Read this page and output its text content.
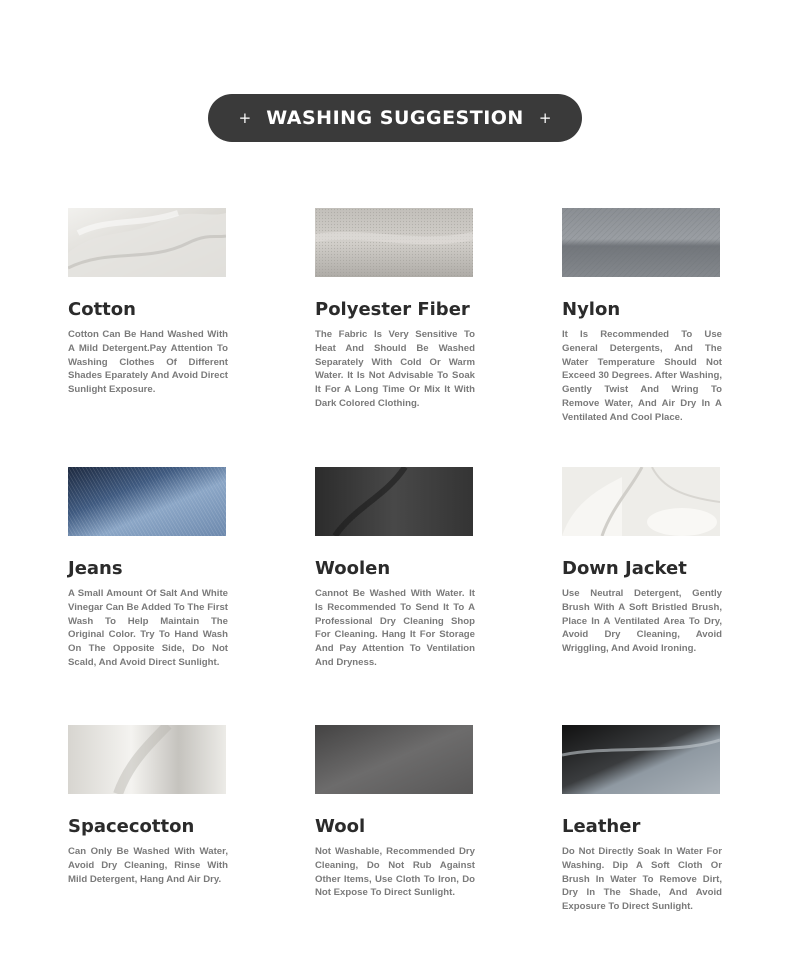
+ WASHING SUGGESTION +
Cotton
Cotton Can Be Hand Washed With A Mild Detergent.Pay Attention To Washing Clothes Of Different Shades Eparately And Avoid Direct Sunlight Exposure.
Polyester Fiber
The Fabric Is Very Sensitive To Heat And Should Be Washed Separately With Cold Or Warm Water. It Is Not Advisable To Soak It For A Long Time Or Mix It With Dark Colored Clothing.
Nylon
It Is Recommended To Use General Detergents, And The Water Temperature Should Not Exceed 30 Degrees. After Washing, Gently Twist And Wring To Remove Water, And Air Dry In A Ventilated And Cool Place.
Jeans
A Small Amount Of Salt And White Vinegar Can Be Added To The First Wash To Help Maintain The Original Color. Try To Hand Wash On The Opposite Side, Do Not Scald, And Avoid Direct Sunlight.
Woolen
Cannot Be Washed With Water. It Is Recommended To Send It To A Professional Dry Cleaning Shop For Cleaning. Hang It For Storage And Pay Attention To Ventilation And Dryness.
Down Jacket
Use Neutral Detergent, Gently Brush With A Soft Bristled Brush, Place In A Ventilated Area To Dry, Avoid Dry Cleaning, Avoid Wriggling, And Avoid Ironing.
Spacecotton
Can Only Be Washed With Water, Avoid Dry Cleaning, Rinse With Mild Detergent, Hang And Air Dry.
Wool
Not Washable, Recommended Dry Cleaning, Do Not Rub Against Other Items, Use Cloth To Iron, Do Not Expose To Direct Sunlight.
Leather
Do Not Directly Soak In Water For Washing. Dip A Soft Cloth Or Brush In Water To Remove Dirt, Dry In The Shade, And Avoid Exposure To Direct Sunlight.
